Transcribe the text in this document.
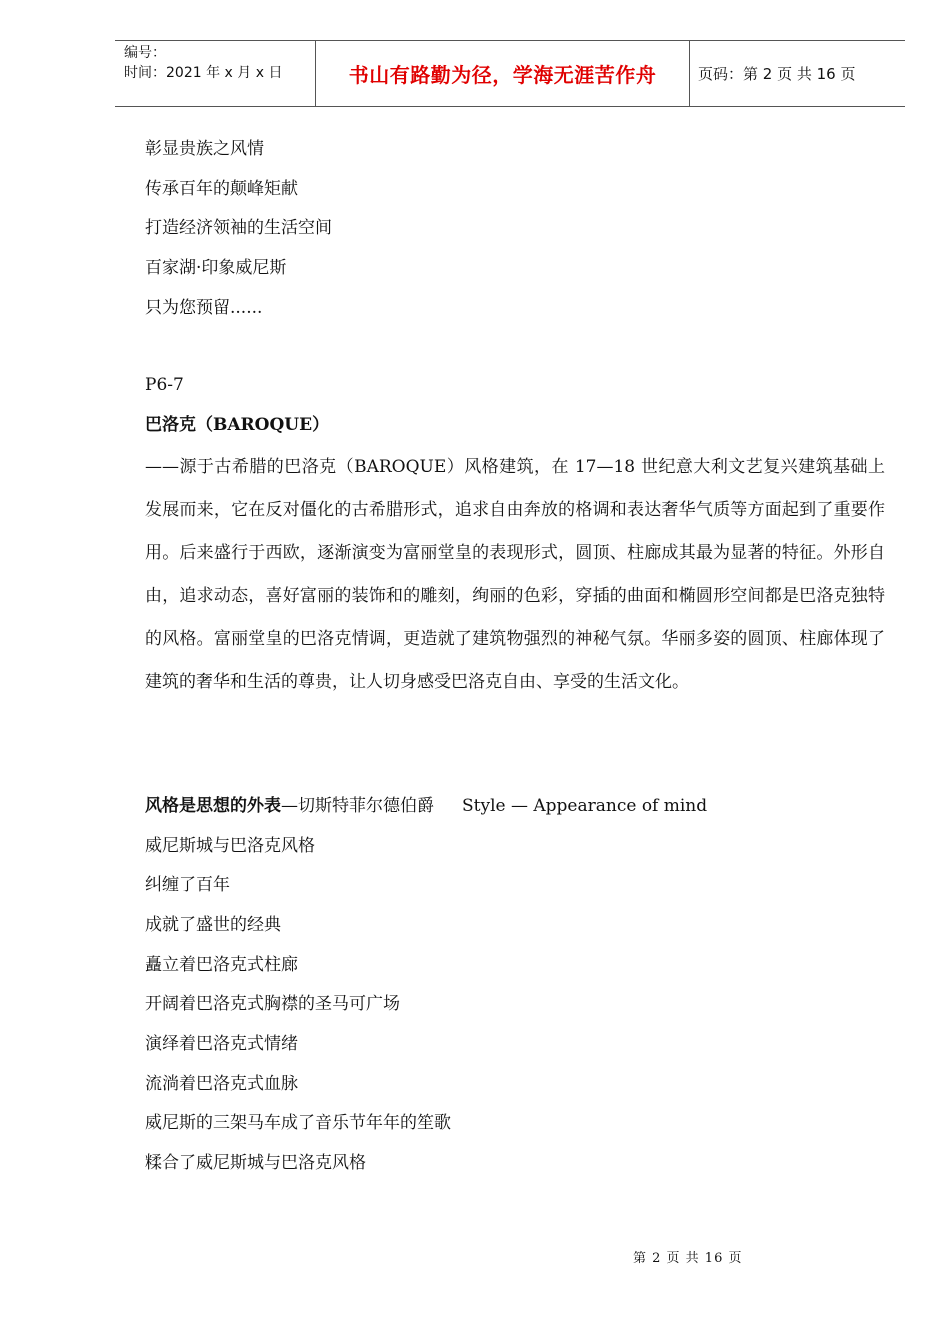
编号：
时间：2021 年 x 月 x 日	书山有路勤为径，学海无涯苦作舟	页码：第 2 页 共 16 页
彰显贵族之风情
传承百年的颠峰矩献
打造经济领袖的生活空间
百家湖·印象威尼斯
只为您预留......
P6-7
巴洛克（BAROQUE）

——源于古希腊的巴洛克（BAROQUE）风格建筑，在 17—18 世纪意大利文艺复兴建筑基础上发展而来，它在反对僵化的古希腊形式，追求自由奔放的格调和表达奢华气质等方面起到了重要作用。后来盛行于西欧，逐渐演变为富丽堂皇的表现形式，圆顶、柱廊成其最为显著的特征。外形自由，追求动态，喜好富丽的装饰和的雕刻，绚丽的色彩，穿插的曲面和椭圆形空间都是巴洛克独特的风格。富丽堂皇的巴洛克情调，更造就了建筑物强烈的神秘气氛。华丽多姿的圆顶、柱廊体现了建筑的奢华和生活的尊贵，让人切身感受巴洛克自由、享受的生活文化。

风格是思想的外表—切斯特菲尔德伯爵 Style — Appearance of mind
威尼斯城与巴洛克风格
纠缠了百年
成就了盛世的经典
矗立着巴洛克式柱廊
开阔着巴洛克式胸襟的圣马可广场
演绎着巴洛克式情绪
流淌着巴洛克式血脉
威尼斯的三架马车成了音乐节年年的笙歌
糅合了威尼斯城与巴洛克风格
第 2 页 共 16 页
